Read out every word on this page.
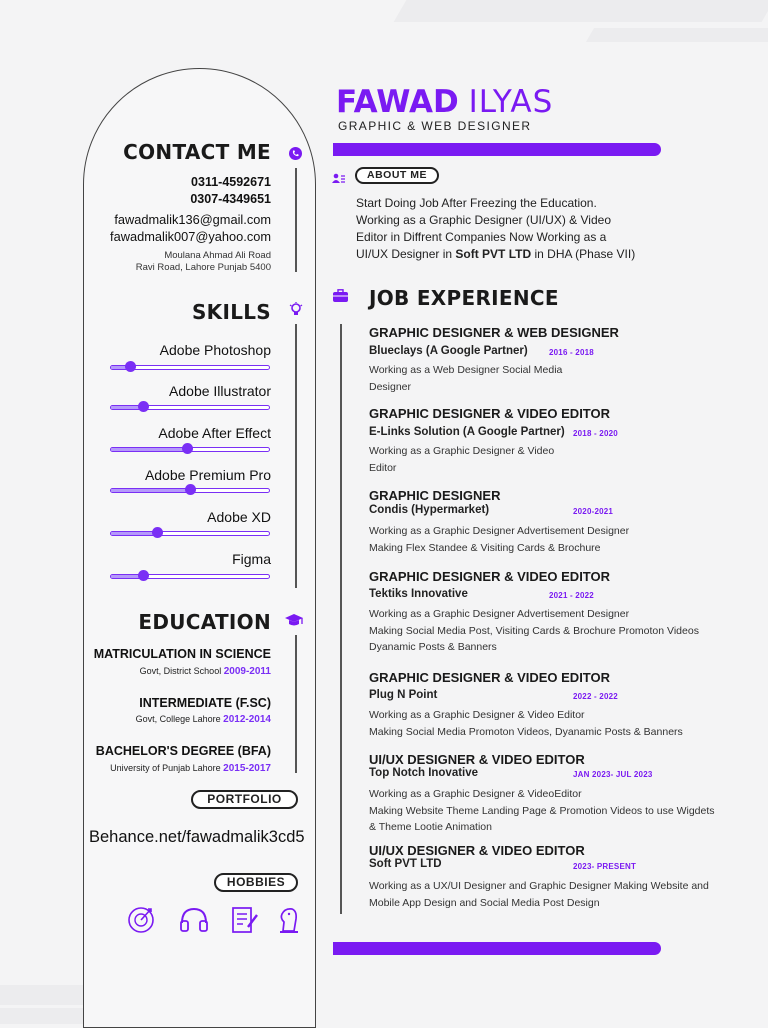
CONTACT ME
0311-4592671
0307-4349651
fawadmalik136@gmail.com
fawadmalik007@yahoo.com
Moulana Ahmad Ali Road
Ravi Road, Lahore Punjab 5400
SKILLS
Adobe Photoshop
Adobe Illustrator
Adobe After Effect
Adobe Premium Pro
Adobe XD
Figma
EDUCATION
MATRICULATION IN SCIENCE
Govt, District School 2009-2011
INTERMEDIATE (F.SC)
Govt, College Lahore 2012-2014
BACHELOR'S DEGREE (BFA)
University of Punjab Lahore 2015-2017
PORTFOLIO
Behance.net/fawadmalik3cd5
HOBBIES
FAWAD ILYAS
GRAPHIC & WEB DESIGNER
ABOUT ME
Start Doing Job After Freezing the Education.
Working as a Graphic Designer (UI/UX) & Video
Editor in Diffrent Companies Now Working as a
UI/UX Designer in Soft PVT LTD in DHA (Phase VII)
JOB EXPERIENCE
GRAPHIC DESIGNER & WEB DESIGNER
Blueclays (A Google Partner)	2016 - 2018
Working as a Web Designer Social Media
Designer
GRAPHIC DESIGNER & VIDEO EDITOR
E-Links Solution (A Google Partner) 2018 - 2020
Working as a Graphic Designer & Video
Editor
GRAPHIC DESIGNER
Condis (Hypermarket)	2020-2021
Working as a Graphic Designer Advertisement Designer
Making Flex Standee & Visiting Cards & Brochure
GRAPHIC DESIGNER & VIDEO EDITOR
Tektiks Innovative	2021 - 2022
Working as a Graphic Designer Advertisement Designer
Making Social Media Post, Visiting Cards & Brochure Promoton Videos
Dyanamic Posts & Banners
GRAPHIC DESIGNER & VIDEO EDITOR
Plug N Point	2022 - 2022
Working as a Graphic Designer & Video Editor
Making Social Media Promoton Videos, Dyanamic Posts & Banners
UI/UX DESIGNER & VIDEO EDITOR
Top Notch Inovative	JAN 2023- JUL 2023
Working as a Graphic Designer & VideoEditor
Making Website Theme Landing Page & Promotion Videos to use Wigdets
& Theme Lootie Animation
UI/UX DESIGNER & VIDEO EDITOR
Soft PVT LTD	2023- PRESENT
Working as a UX/UI Designer and Graphic Designer Making Website and
Mobile App Design and Social Media Post Design
